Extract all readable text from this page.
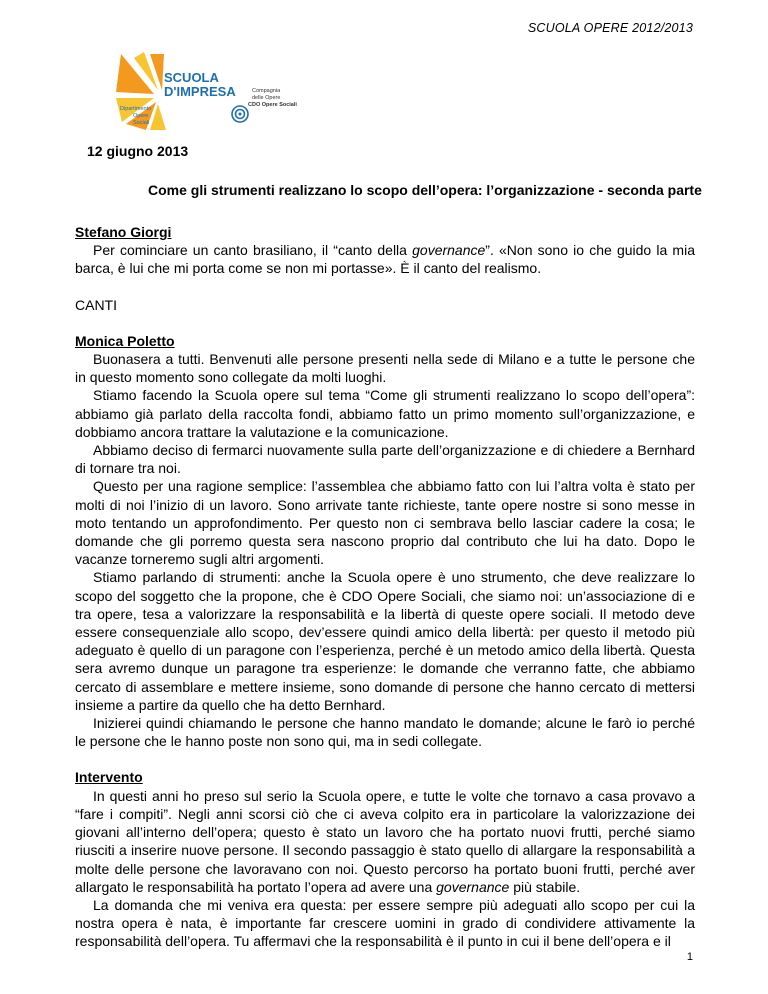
SCUOLA OPERE 2012/2013
SCUOLA
D'IMPRESA
Dipartimento
Opere
Sociali
Compagnia
delle Opere
CDO Opere Sociali
12 giugno 2013
Come gli strumenti realizzano lo scopo dell’opera: l’organizzazione - seconda parte

Stefano Giorgi

Per cominciare un canto brasiliano, il “canto della governance”. «Non sono io che guido la mia barca, è lui che mi porta come se non mi portasse». È il canto del realismo.

CANTI

Monica Poletto

Buonasera a tutti. Benvenuti alle persone presenti nella sede di Milano e a tutte le persone che in questo momento sono collegate da molti luoghi.

Stiamo facendo la Scuola opere sul tema “Come gli strumenti realizzano lo scopo dell’opera”: abbiamo già parlato della raccolta fondi, abbiamo fatto un primo momento sull’organizzazione, e dobbiamo ancora trattare la valutazione e la comunicazione.

Abbiamo deciso di fermarci nuovamente sulla parte dell’organizzazione e di chiedere a Bernhard di tornare tra noi.

Questo per una ragione semplice: l’assemblea che abbiamo fatto con lui l’altra volta è stato per molti di noi l’inizio di un lavoro. Sono arrivate tante richieste, tante opere nostre si sono messe in moto tentando un approfondimento. Per questo non ci sembrava bello lasciar cadere la cosa; le domande che gli porremo questa sera nascono proprio dal contributo che lui ha dato. Dopo le vacanze torneremo sugli altri argomenti.

Stiamo parlando di strumenti: anche la Scuola opere è uno strumento, che deve realizzare lo scopo del soggetto che la propone, che è CDO Opere Sociali, che siamo noi: un’associazione di e tra opere, tesa a valorizzare la responsabilità e la libertà di queste opere sociali. Il metodo deve essere consequenziale allo scopo, dev’essere quindi amico della libertà: per questo il metodo più adeguato è quello di un paragone con l’esperienza, perché è un metodo amico della libertà. Questa sera avremo dunque un paragone tra esperienze: le domande che verranno fatte, che abbiamo cercato di assemblare e mettere insieme, sono domande di persone che hanno cercato di mettersi insieme a partire da quello che ha detto Bernhard.

Inizierei quindi chiamando le persone che hanno mandato le domande; alcune le farò io perché le persone che le hanno poste non sono qui, ma in sedi collegate.

Intervento

In questi anni ho preso sul serio la Scuola opere, e tutte le volte che tornavo a casa provavo a “fare i compiti”. Negli anni scorsi ciò che ci aveva colpito era in particolare la valorizzazione dei giovani all’interno dell’opera; questo è stato un lavoro che ha portato nuovi frutti, perché siamo riusciti a inserire nuove persone. Il secondo passaggio è stato quello di allargare la responsabilità a molte delle persone che lavoravano con noi. Questo percorso ha portato buoni frutti, perché aver allargato le responsabilità ha portato l’opera ad avere una governance più stabile.

La domanda che mi veniva era questa: per essere sempre più adeguati allo scopo per cui la nostra opera è nata, è importante far crescere uomini in grado di condividere attivamente la responsabilità dell’opera. Tu affermavi che la responsabilità è il punto in cui il bene dell’opera e il

1
